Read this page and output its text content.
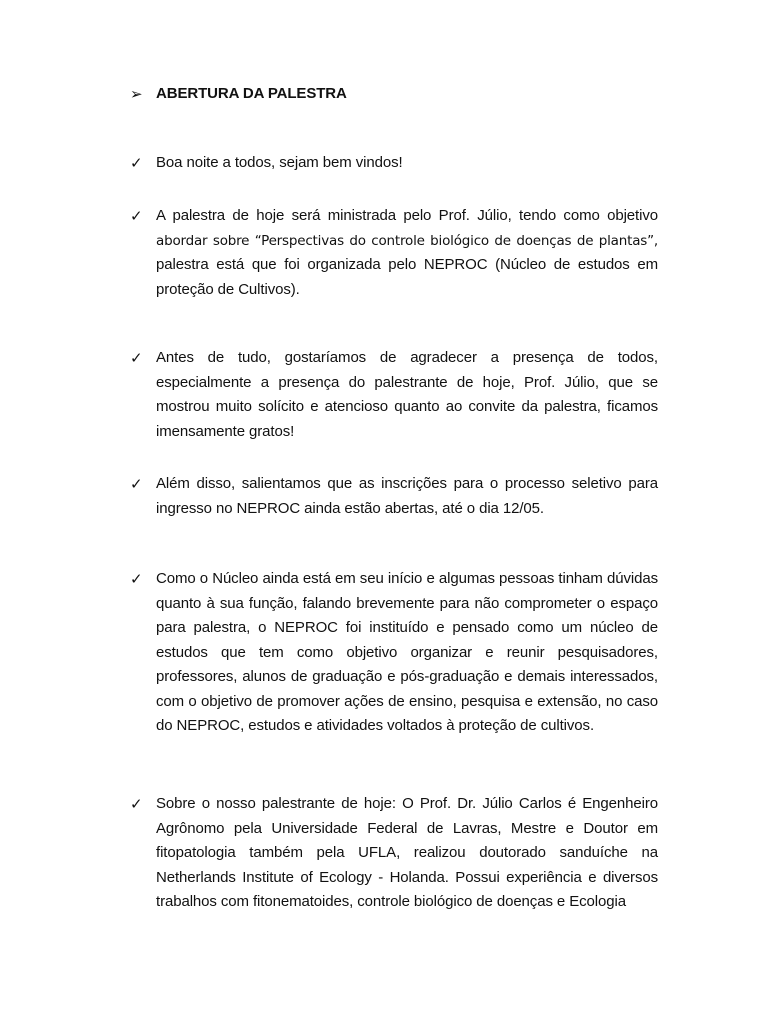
➢ ABERTURA DA PALESTRA
✓ Boa noite a todos, sejam bem vindos!
✓ A palestra de hoje será ministrada pelo Prof. Júlio, tendo como objetivo abordar sobre “Perspectivas do controle biológico de doenças de plantas”, palestra está que foi organizada pelo NEPROC (Núcleo de estudos em proteção de Cultivos).
✓ Antes de tudo, gostaríamos de agradecer a presença de todos, especialmente a presença do palestrante de hoje, Prof. Júlio, que se mostrou muito solícito e atencioso quanto ao convite da palestra, ficamos imensamente gratos!
✓ Além disso, salientamos que as inscrições para o processo seletivo para ingresso no NEPROC ainda estão abertas, até o dia 12/05.
✓ Como o Núcleo ainda está em seu início e algumas pessoas tinham dúvidas quanto à sua função, falando brevemente para não comprometer o espaço para palestra, o NEPROC foi instituído e pensado como um núcleo de estudos que tem como objetivo organizar e reunir pesquisadores, professores, alunos de graduação e pós-graduação e demais interessados, com o objetivo de promover ações de ensino, pesquisa e extensão, no caso do NEPROC, estudos e atividades voltados à proteção de cultivos.
✓ Sobre o nosso palestrante de hoje: O Prof. Dr. Júlio Carlos é Engenheiro Agrônomo pela Universidade Federal de Lavras, Mestre e Doutor em fitopatologia também pela UFLA, realizou doutorado sanduíche na Netherlands Institute of Ecology - Holanda. Possui experiência e diversos trabalhos com fitonematoides, controle biológico de doenças e Ecologia
